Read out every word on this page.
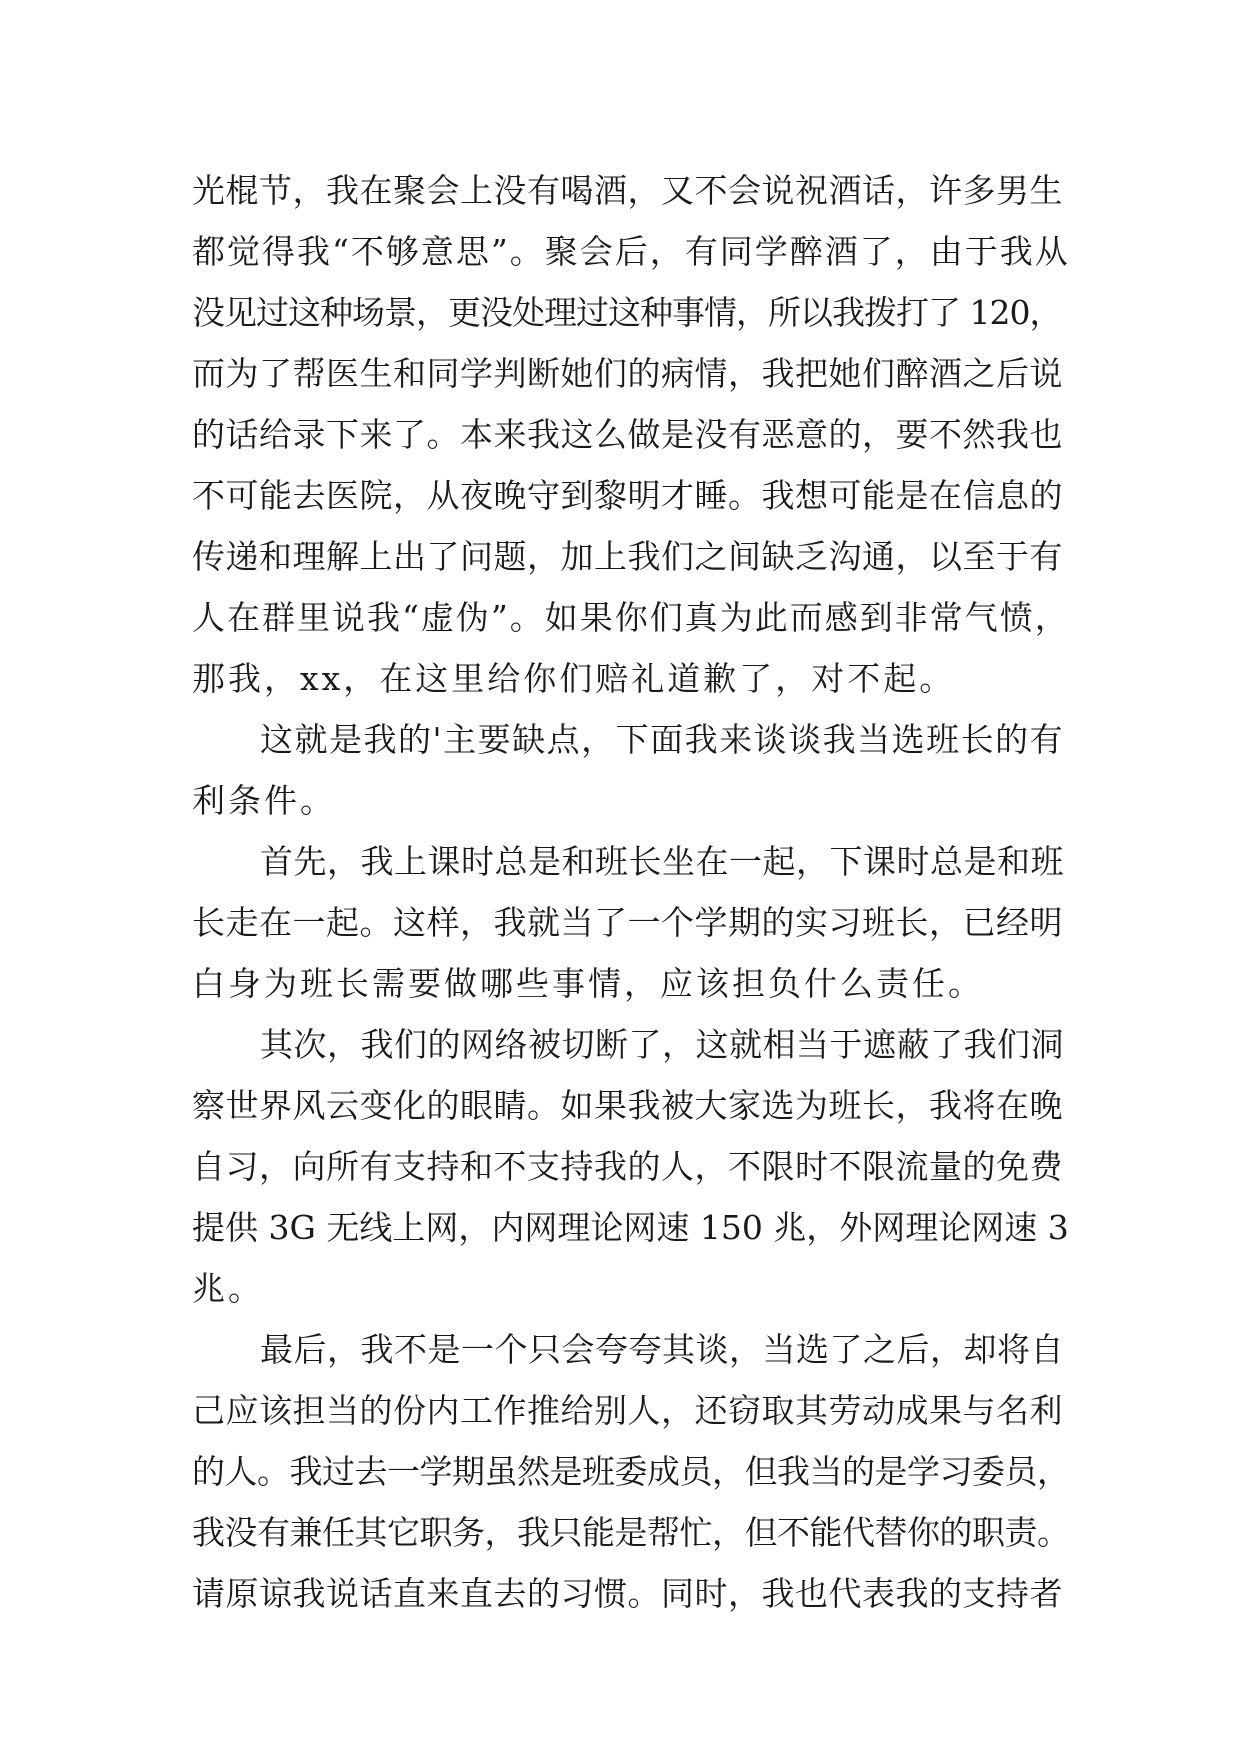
光棍节，我在聚会上没有喝酒，又不会说祝酒话，许多男生
都觉得我“不够意思”。聚会后，有同学醉酒了，由于我从
没见过这种场景，更没处理过这种事情，所以我拨打了 120，
而为了帮医生和同学判断她们的病情，我把她们醉酒之后说
的话给录下来了。本来我这么做是没有恶意的，要不然我也
不可能去医院，从夜晚守到黎明才睡。我想可能是在信息的
传递和理解上出了问题，加上我们之间缺乏沟通，以至于有
人在群里说我“虚伪”。如果你们真为此而感到非常气愤，
那我，xx，在这里给你们赔礼道歉了，对不起。
这就是我的'主要缺点，下面我来谈谈我当选班长的有
利条件。
首先，我上课时总是和班长坐在一起，下课时总是和班
长走在一起。这样，我就当了一个学期的实习班长，已经明
白身为班长需要做哪些事情，应该担负什么责任。
其次，我们的网络被切断了，这就相当于遮蔽了我们洞
察世界风云变化的眼睛。如果我被大家选为班长，我将在晚
自习，向所有支持和不支持我的人，不限时不限流量的免费
提供 3G 无线上网，内网理论网速 150 兆，外网理论网速 3
兆。
最后，我不是一个只会夸夸其谈，当选了之后，却将自
己应该担当的份内工作推给别人，还窃取其劳动成果与名利
的人。我过去一学期虽然是班委成员，但我当的是学习委员，
我没有兼任其它职务，我只能是帮忙，但不能代替你的职责。
请原谅我说话直来直去的习惯。同时，我也代表我的支持者
